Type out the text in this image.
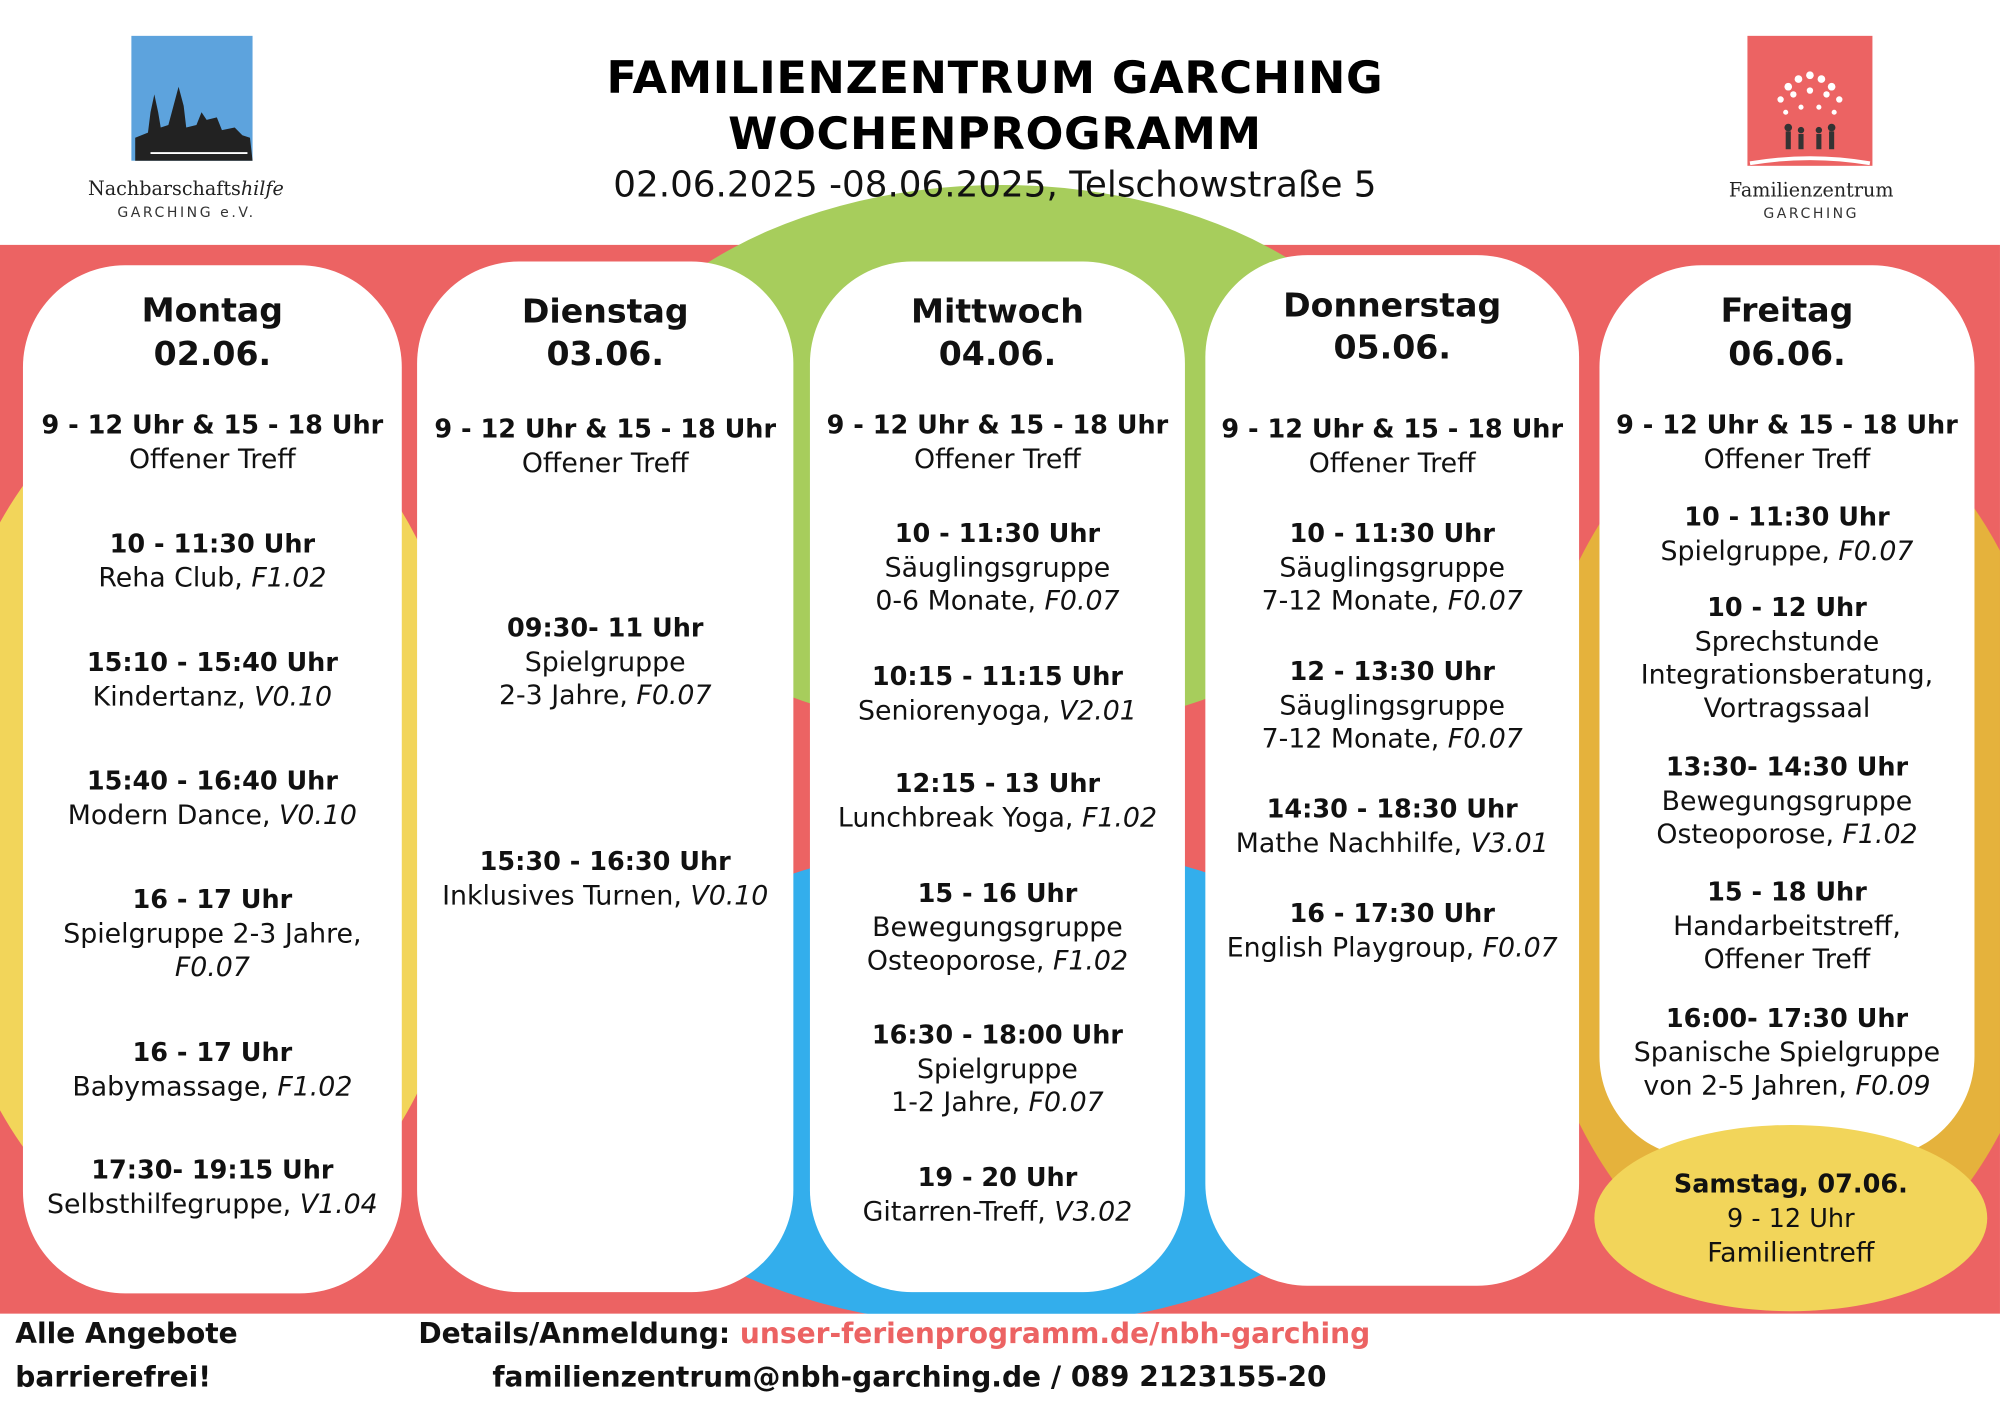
Nachbarschaftshilfe
GARCHING e.V.
Familienzentrum
GARCHING
FAMILIENZENTRUM GARCHING
WOCHENPROGRAMM
02.06.2025 -08.06.2025, Telschowstraße 5
Montag
02.06.
Dienstag
03.06.
Mittwoch
04.06.
Donnerstag
05.06.
Freitag
06.06.
Samstag, 07.06.
9 - 12 Uhr
Familientreff
Alle Angebote
barrierefrei!
Details/Anmeldung: unser-ferienprogramm.de/nbh-garching
familienzentrum@nbh-garching.de / 089 2123155-20
9 - 12 Uhr & 15 - 18 Uhr
Offener Treff
10 - 11:30 Uhr
Reha Club, F1.02
15:10 - 15:40 Uhr
Kindertanz, V0.10
15:40 - 16:40 Uhr
Modern Dance, V0.10
16 - 17 Uhr
Spielgruppe 2-3 Jahre,
F0.07
16 - 17 Uhr
Babymassage, F1.02
17:30- 19:15 Uhr
Selbsthilfegruppe, V1.04
9 - 12 Uhr & 15 - 18 Uhr
Offener Treff
09:30- 11 Uhr
Spielgruppe
2-3 Jahre, F0.07
15:30 - 16:30 Uhr
Inklusives Turnen, V0.10
9 - 12 Uhr & 15 - 18 Uhr
Offener Treff
10 - 11:30 Uhr
Säuglingsgruppe
0-6 Monate, F0.07
10:15 - 11:15 Uhr
Seniorenyoga, V2.01
12:15 - 13 Uhr
Lunchbreak Yoga, F1.02
15 - 16 Uhr
Bewegungsgruppe
Osteoporose, F1.02
16:30 - 18:00 Uhr
Spielgruppe
1-2 Jahre, F0.07
19 - 20 Uhr
Gitarren-Treff, V3.02
9 - 12 Uhr & 15 - 18 Uhr
Offener Treff
10 - 11:30 Uhr
Säuglingsgruppe
7-12 Monate, F0.07
12 - 13:30 Uhr
Säuglingsgruppe
7-12 Monate, F0.07
14:30 - 18:30 Uhr
Mathe Nachhilfe, V3.01
16 - 17:30 Uhr
English Playgroup, F0.07
9 - 12 Uhr & 15 - 18 Uhr
Offener Treff
10 - 11:30 Uhr
Spielgruppe, F0.07
10 - 12 Uhr
Sprechstunde
Integrationsberatung,
Vortragssaal
13:30- 14:30 Uhr
Bewegungsgruppe
Osteoporose, F1.02
15 - 18 Uhr
Handarbeitstreff,
Offener Treff
16:00- 17:30 Uhr
Spanische Spielgruppe
von 2-5 Jahren, F0.09
